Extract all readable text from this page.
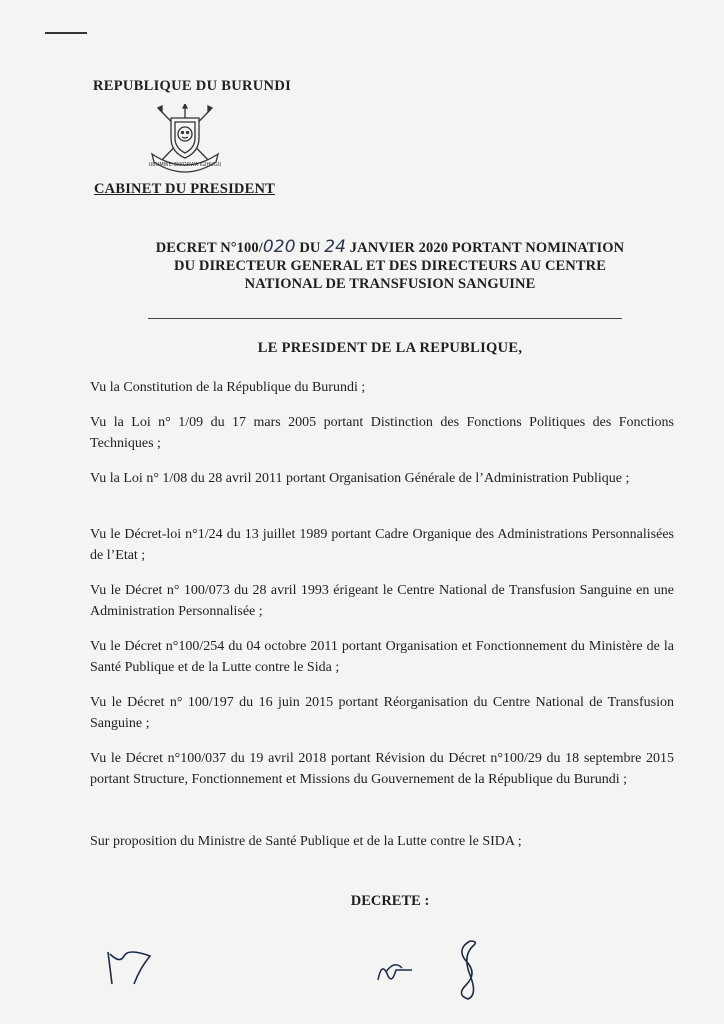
REPUBLIQUE DU BURUNDI
UBUMWE·IBIKORWA·IGIHUGU
CABINET DU PRESIDENT
DECRET N°100/020 DU 24 JANVIER 2020 PORTANT NOMINATION
DU DIRECTEUR GENERAL ET DES DIRECTEURS AU CENTRE
NATIONAL DE TRANSFUSION SANGUINE
LE PRESIDENT DE LA REPUBLIQUE,
Vu la Constitution de la République du Burundi ;
Vu la Loi n° 1/09 du 17 mars 2005 portant Distinction des Fonctions Politiques des Fonctions Techniques ;
Vu la Loi n° 1/08 du 28 avril 2011 portant Organisation Générale de l’Administration Publique ;
Vu le Décret-loi n°1/24 du 13 juillet 1989 portant Cadre Organique des Administrations Personnalisées de l’Etat ;
Vu le Décret n° 100/073 du 28 avril 1993 érigeant le Centre National de Transfusion Sanguine en une Administration Personnalisée ;
Vu le Décret n°100/254 du 04 octobre 2011 portant Organisation et Fonctionnement du Ministère de la Santé Publique et de la Lutte contre le Sida ;
Vu le Décret n° 100/197 du 16 juin 2015 portant Réorganisation du Centre National de Transfusion Sanguine ;
Vu le Décret n°100/037 du 19 avril 2018 portant Révision du Décret n°100/29 du 18 septembre 2015 portant Structure, Fonctionnement et Missions du Gouvernement de la République du Burundi ;
Sur proposition du Ministre de Santé Publique et de la Lutte contre le SIDA ;
DECRETE :
